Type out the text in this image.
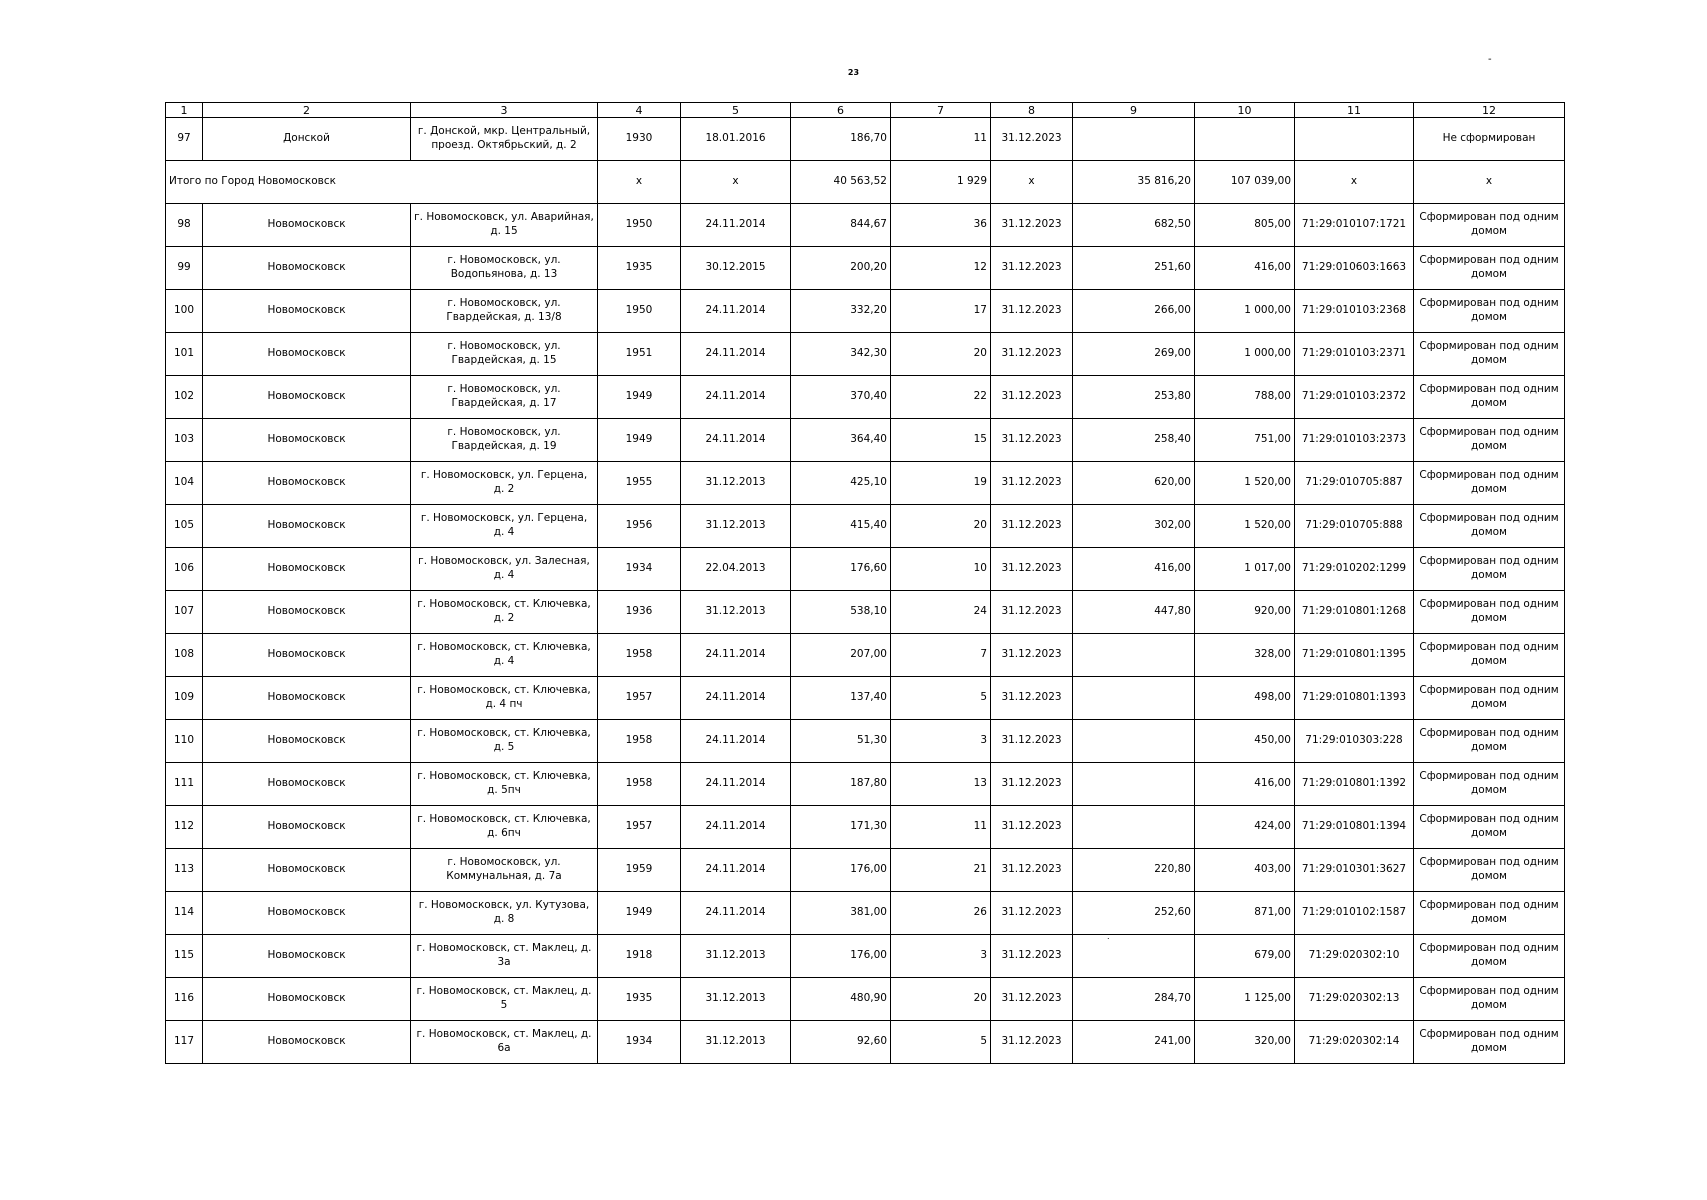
23
-
.
1	2	3	4	5	6	7	8	9	10	11	12
97	Донской	г. Донской, мкр. Центральный, проезд. Октябрьский, д. 2	1930	18.01.2016	186,70	11	31.12.2023				Не сформирован
Итого по Город Новомосковск			x	x	40 563,52	1 929	x	35 816,20	107 039,00	x	x
98	Новомосковск	г. Новомосковск, ул. Аварийная, д. 15	1950	24.11.2014	844,67	36	31.12.2023	682,50	805,00	71:29:010107:1721	Сформирован под одним домом
99	Новомосковск	г. Новомосковск, ул. Водопьянова, д. 13	1935	30.12.2015	200,20	12	31.12.2023	251,60	416,00	71:29:010603:1663	Сформирован под одним домом
100	Новомосковск	г. Новомосковск, ул. Гвардейская, д. 13/8	1950	24.11.2014	332,20	17	31.12.2023	266,00	1 000,00	71:29:010103:2368	Сформирован под одним домом
101	Новомосковск	г. Новомосковск, ул. Гвардейская, д. 15	1951	24.11.2014	342,30	20	31.12.2023	269,00	1 000,00	71:29:010103:2371	Сформирован под одним домом
102	Новомосковск	г. Новомосковск, ул. Гвардейская, д. 17	1949	24.11.2014	370,40	22	31.12.2023	253,80	788,00	71:29:010103:2372	Сформирован под одним домом
103	Новомосковск	г. Новомосковск, ул. Гвардейская, д. 19	1949	24.11.2014	364,40	15	31.12.2023	258,40	751,00	71:29:010103:2373	Сформирован под одним домом
104	Новомосковск	г. Новомосковск, ул. Герцена, д. 2	1955	31.12.2013	425,10	19	31.12.2023	620,00	1 520,00	71:29:010705:887	Сформирован под одним домом
105	Новомосковск	г. Новомосковск, ул. Герцена, д. 4	1956	31.12.2013	415,40	20	31.12.2023	302,00	1 520,00	71:29:010705:888	Сформирован под одним домом
106	Новомосковск	г. Новомосковск, ул. Залесная, д. 4	1934	22.04.2013	176,60	10	31.12.2023	416,00	1 017,00	71:29:010202:1299	Сформирован под одним домом
107	Новомосковск	г. Новомосковск, ст. Ключевка, д. 2	1936	31.12.2013	538,10	24	31.12.2023	447,80	920,00	71:29:010801:1268	Сформирован под одним домом
108	Новомосковск	г. Новомосковск, ст. Ключевка, д. 4	1958	24.11.2014	207,00	7	31.12.2023		328,00	71:29:010801:1395	Сформирован под одним домом
109	Новомосковск	г. Новомосковск, ст. Ключевка, д. 4 пч	1957	24.11.2014	137,40	5	31.12.2023		498,00	71:29:010801:1393	Сформирован под одним домом
110	Новомосковск	г. Новомосковск, ст. Ключевка, д. 5	1958	24.11.2014	51,30	3	31.12.2023		450,00	71:29:010303:228	Сформирован под одним домом
111	Новомосковск	г. Новомосковск, ст. Ключевка, д. 5пч	1958	24.11.2014	187,80	13	31.12.2023		416,00	71:29:010801:1392	Сформирован под одним домом
112	Новомосковск	г. Новомосковск, ст. Ключевка, д. 6пч	1957	24.11.2014	171,30	11	31.12.2023		424,00	71:29:010801:1394	Сформирован под одним домом
113	Новомосковск	г. Новомосковск, ул. Коммунальная, д. 7а	1959	24.11.2014	176,00	21	31.12.2023	220,80	403,00	71:29:010301:3627	Сформирован под одним домом
114	Новомосковск	г. Новомосковск, ул. Кутузова, д. 8	1949	24.11.2014	381,00	26	31.12.2023	252,60	871,00	71:29:010102:1587	Сформирован под одним домом
115	Новомосковск	г. Новомосковск, ст. Маклец, д. 3а	1918	31.12.2013	176,00	3	31.12.2023		679,00	71:29:020302:10	Сформирован под одним домом
116	Новомосковск	г. Новомосковск, ст. Маклец, д. 5	1935	31.12.2013	480,90	20	31.12.2023	284,70	1 125,00	71:29:020302:13	Сформирован под одним домом
117	Новомосковск	г. Новомосковск, ст. Маклец, д. 6а	1934	31.12.2013	92,60	5	31.12.2023	241,00	320,00	71:29:020302:14	Сформирован под одним домом
